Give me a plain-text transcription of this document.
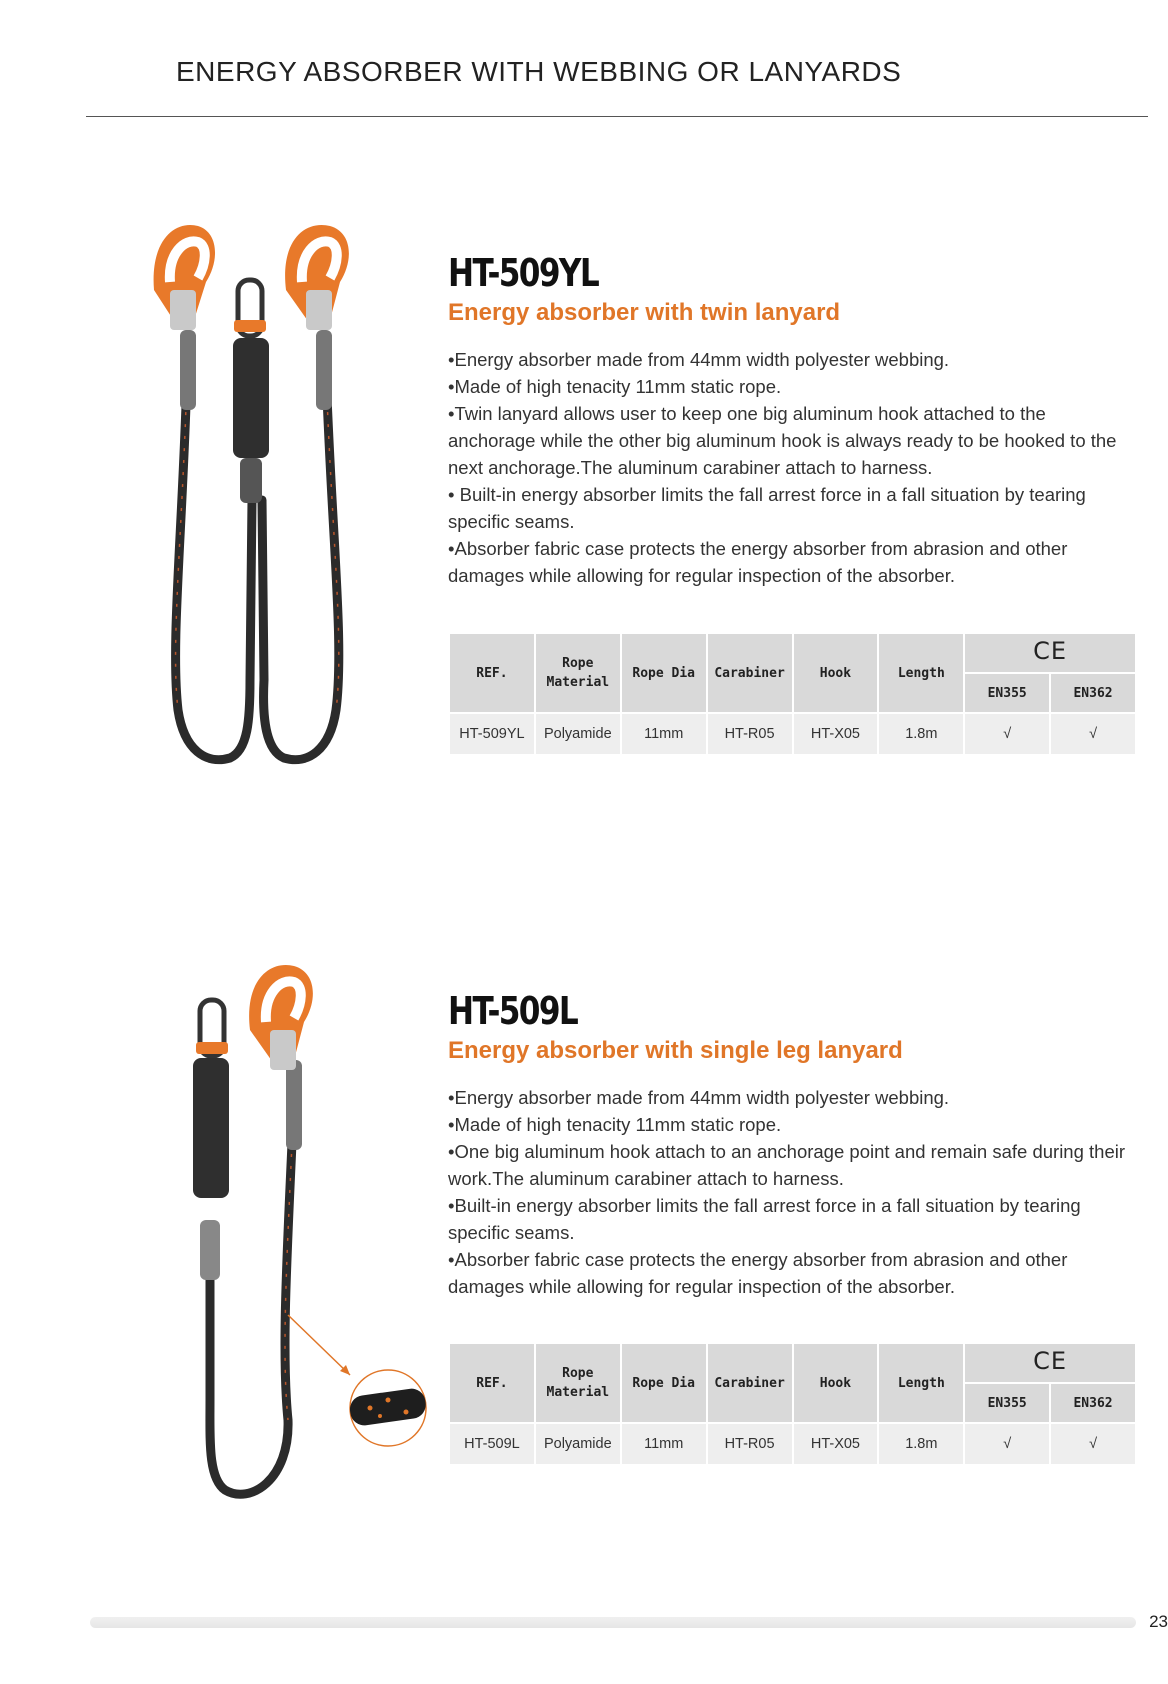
ENERGY ABSORBER WITH WEBBING OR LANYARDS
HT-509YL
Energy absorber with twin lanyard
•Energy absorber made from 44mm width polyester webbing.
•Made of high tenacity 11mm static rope.
•Twin lanyard allows user to keep one big aluminum hook attached to the anchorage while the other big aluminum hook is always ready to be hooked to the next anchorage.The aluminum carabiner attach to harness.
• Built-in energy absorber limits the fall arrest force in a fall situation by tearing specific seams.
•Absorber fabric case protects the energy absorber from abrasion and other damages while allowing for regular inspection of the absorber.
REF.	Rope Material	Rope Dia	Carabiner	Hook	Length	CE	
						EN355	EN362
HT-509YL	Polyamide	11mm	HT-R05	HT-X05	1.8m	√	√
HT-509L
Energy absorber with single leg lanyard
•Energy absorber made from 44mm width polyester webbing.
•Made of high tenacity 11mm static rope.
•One big aluminum hook attach to an anchorage point and remain safe during their work.The aluminum carabiner attach to harness.
•Built-in energy absorber limits the fall arrest force in a fall situation by tearing specific seams.
•Absorber fabric case protects the energy absorber from abrasion and other damages while allowing for regular inspection of the absorber.
REF.	Rope Material	Rope Dia	Carabiner	Hook	Length	CE	
						EN355	EN362
HT-509L	Polyamide	11mm	HT-R05	HT-X05	1.8m	√	√
23
